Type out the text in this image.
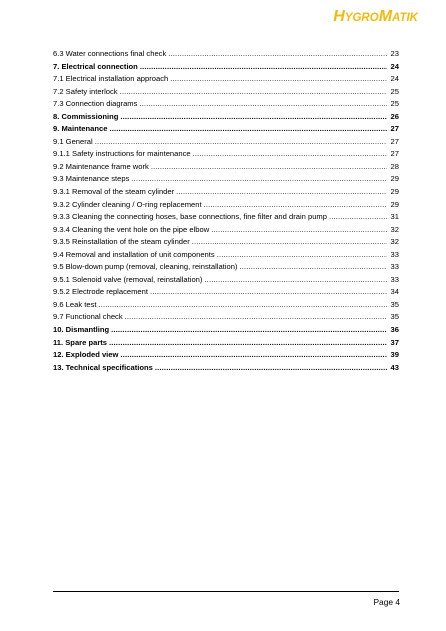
HYGROMATIK
6.3 Water connections final check .....	23
7. Electrical connection .....	24
7.1 Electrical installation approach .....	24
7.2 Safety interlock .....	25
7.3 Connection diagrams .....	25
8. Commissioning .....	26
9. Maintenance .....	27
9.1 General .....	27
9.1.1 Safety instructions for maintenance .....	27
9.2 Maintenance frame work .....	28
9.3 Maintenance steps .....	29
9.3.1 Removal of the steam cylinder .....	29
9.3.2 Cylinder cleaning / O-ring replacement .....	29
9.3.3 Cleaning the connecting hoses, base connections, fine filter and drain pump .....	31
9.3.4 Cleaning the vent hole on the pipe elbow .....	32
9.3.5 Reinstallation of the steam cylinder .....	32
9.4 Removal and installation of unit components .....	33
9.5 Blow-down pump (removal, cleaning, reinstallation) .....	33
9.5.1 Solenoid valve (removal, reinstallation) .....	33
9.5.2 Electrode replacement .....	34
9.6 Leak test .....	35
9.7 Functional check .....	35
10. Dismantling .....	36
11. Spare parts .....	37
12. Exploded view .....	39
13. Technical specifications .....	43
Page 4
